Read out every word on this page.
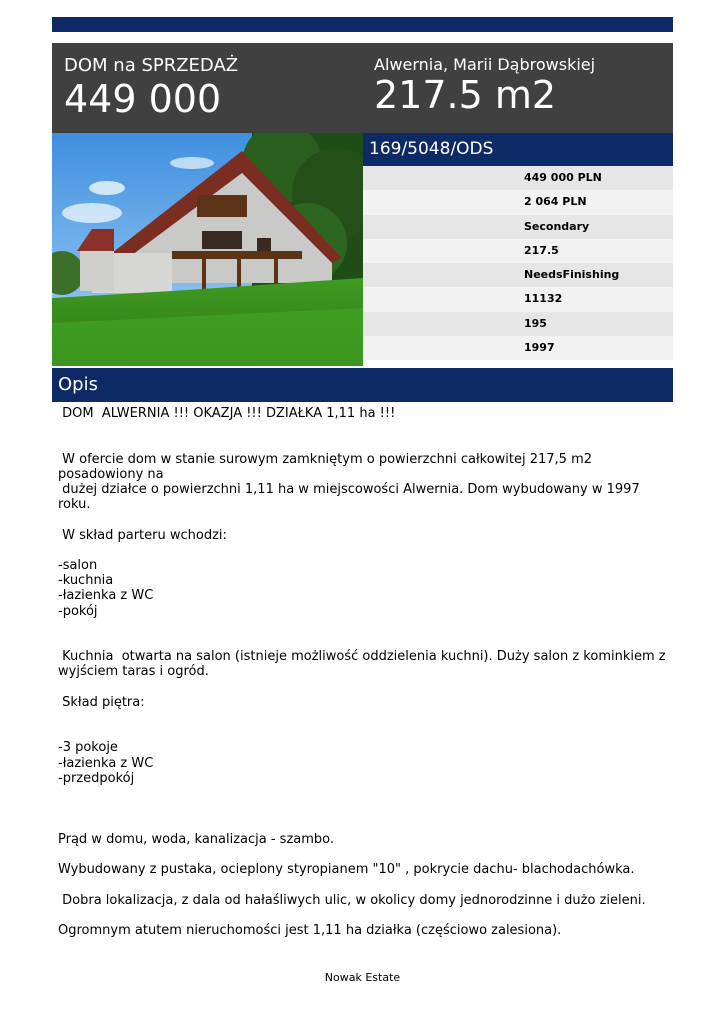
DOM na SPRZEDAŻ
449 000
Alwernia, Marii Dąbrowskiej
217.5 m2
169/5048/ODS
449 000 PLN
2 064 PLN
Secondary
217.5
NeedsFinishing
11132
195
1997
Opis
DOM  ALWERNIA !!! OKAZJA !!! DZIAŁKA 1,11 ha !!!

W ofercie dom w stanie surowym zamkniętym o powierzchni całkowitej 217,5 m2 posadowiony na
dużej działce o powierzchni 1,11 ha w miejscowości Alwernia. Dom wybudowany w 1997 roku.

W skład parteru wchodzi:

-salon
-kuchnia
-łazienka z WC
-pokój

Kuchnia  otwarta na salon (istnieje możliwość oddzielenia kuchni). Duży salon z kominkiem z
wyjściem taras i ogród.

Skład piętra:

-3 pokoje
-łazienka z WC
-przedpokój

Prąd w domu, woda, kanalizacja - szambo.

Wybudowany z pustaka, ocieplony styropianem "10" , pokrycie dachu- blachodachówka.

Dobra lokalizacja, z dala od hałaśliwych ulic, w okolicy domy jednorodzinne i dużo zieleni.

Ogromnym atutem nieruchomości jest 1,11 ha działka (częściowo zalesiona).
Nowak Estate
